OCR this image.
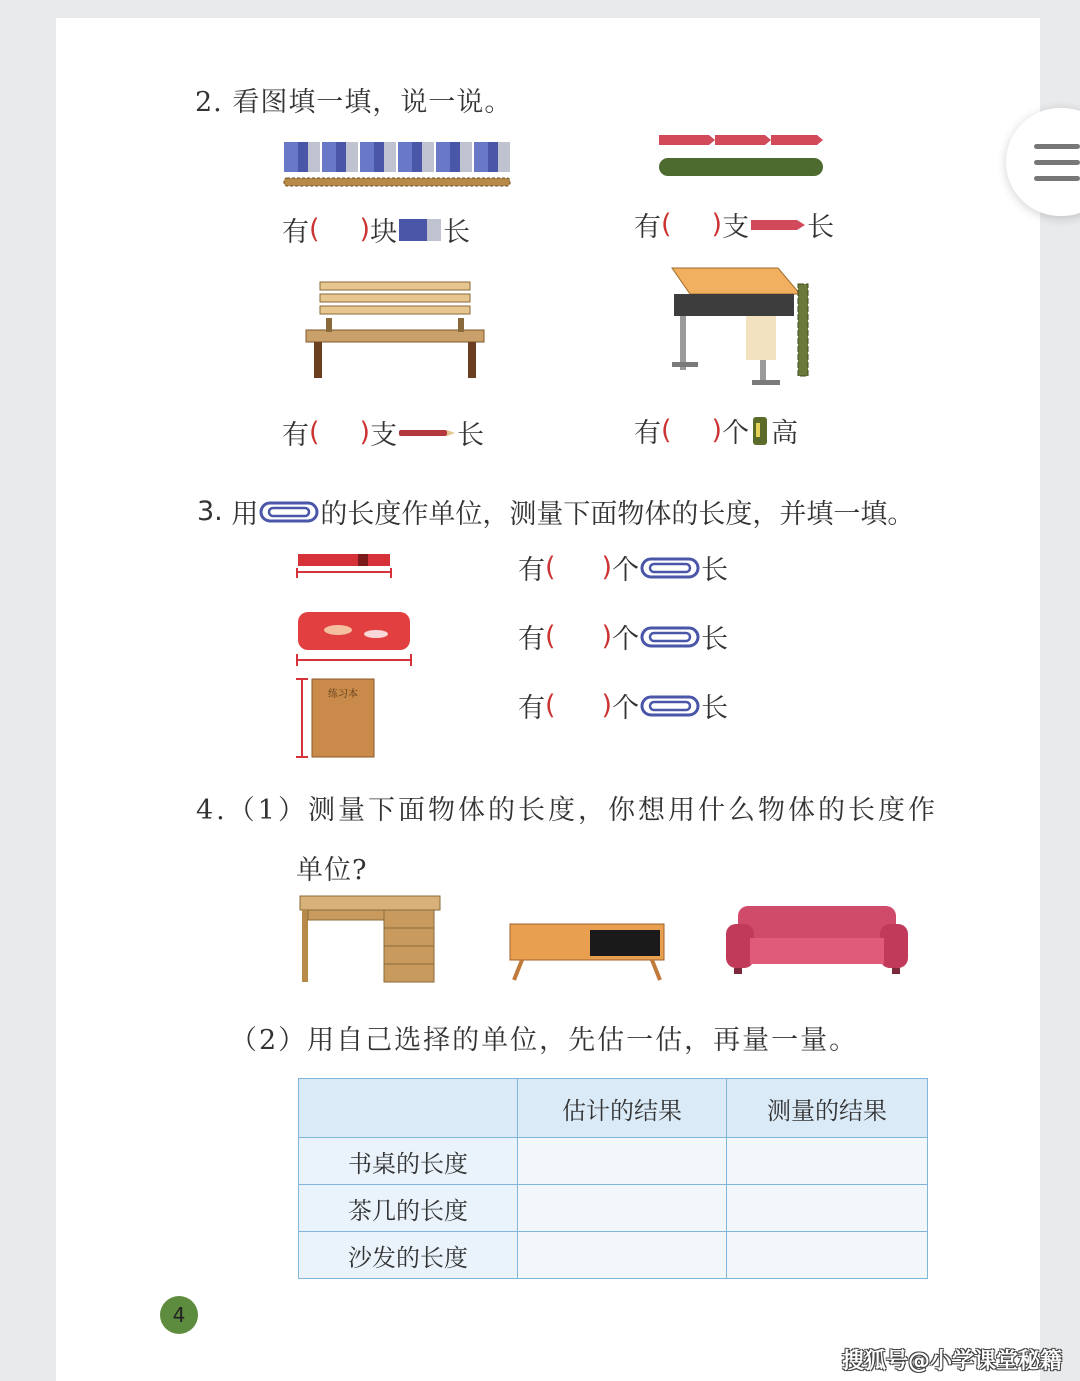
2. 看图填一填，说一说。
有 ( ) 块 长	有 ( ) 支 长
有 ( ) 支 长	有 ( ) 个 高
3.
用 的长度作单位，测量下面物体的长度，并填一填。
练习本
有 ( ) 个 长
有 ( ) 个 长
有 ( ) 个 长
4.（1）测量下面物体的长度，你想用什么物体的长度作
单位?
（2）用自己选择的单位，先估一估，再量一量。
	估计的结果	测量的结果
书桌的长度		
茶几的长度		
沙发的长度		
4
搜狐号@小学课堂秘籍
